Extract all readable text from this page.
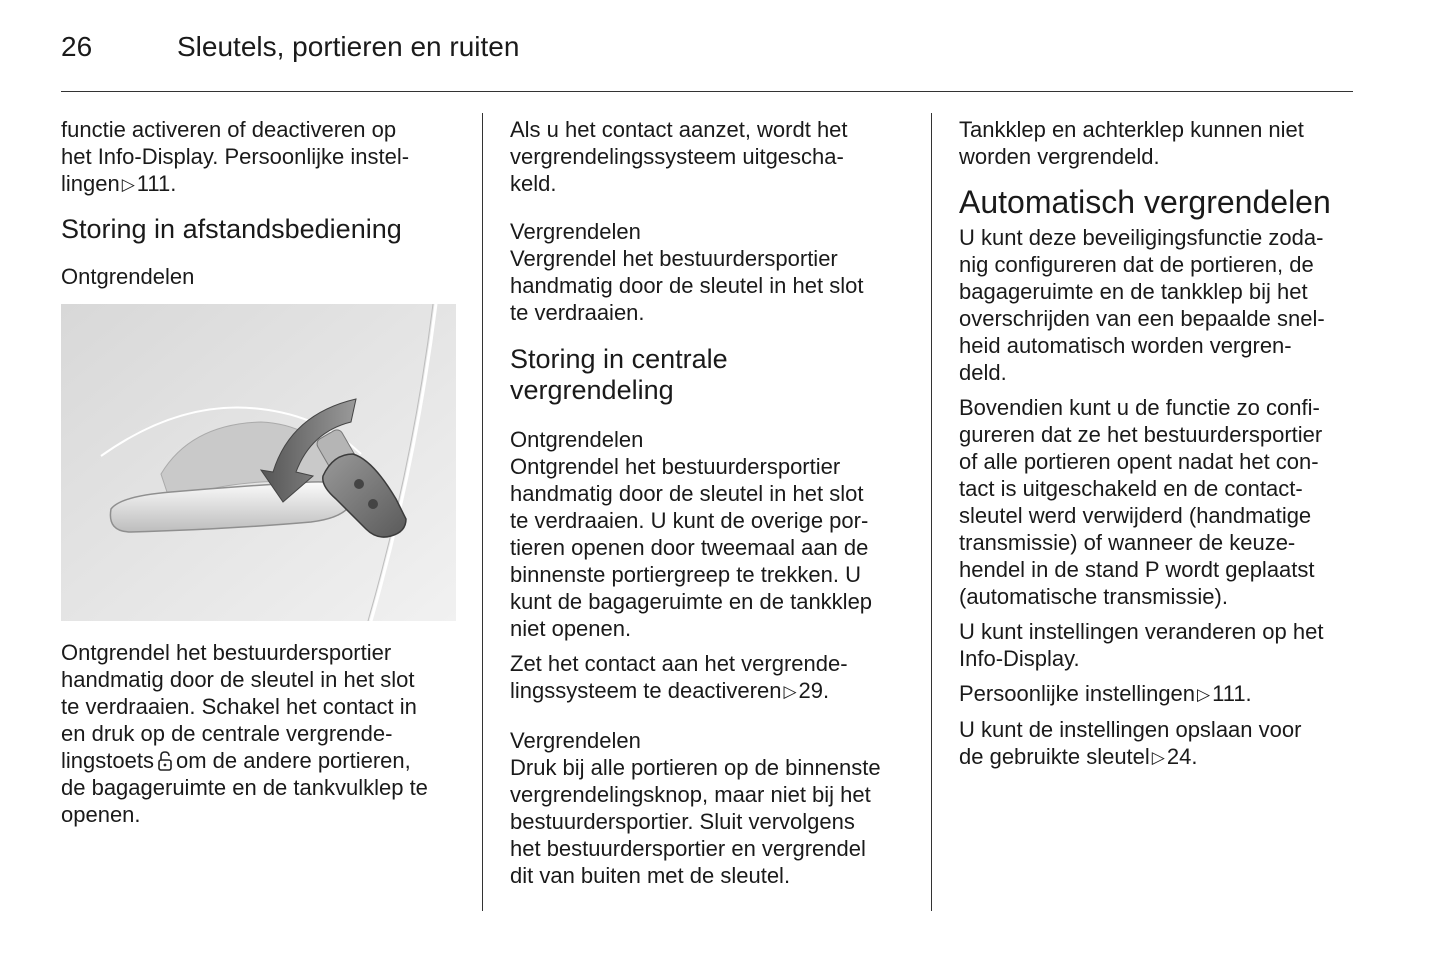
26	Sleutels, portieren en ruiten

functie activeren of deactiveren op
het Info-Display. Persoonlijke instel-
lingen ▷111.

Storing in afstandsbediening
Ontgrendelen

Ontgrendel het bestuurdersportier
handmatig door de sleutel in het slot
te verdraaien. Schakel het contact in
en druk op de centrale vergrende-
lingstoets om de andere portieren,
de bagageruimte en de tankvulklep te
openen.

Als u het contact aanzet, wordt het
vergrendelingssysteem uitgescha-
keld.

Vergrendelen

Vergrendel het bestuurdersportier
handmatig door de sleutel in het slot
te verdraaien.

Storing in centrale
vergrendeling
Ontgrendelen

Ontgrendel het bestuurdersportier
handmatig door de sleutel in het slot
te verdraaien. U kunt de overige por-
tieren openen door tweemaal aan de
binnenste portiergreep te trekken. U
kunt de bagageruimte en de tankklep
niet openen.

Zet het contact aan het vergrende-
lingssysteem te deactiveren ▷29.

Vergrendelen

Druk bij alle portieren op de binnenste
vergrendelingsknop, maar niet bij het
bestuurdersportier. Sluit vervolgens
het bestuurdersportier en vergrendel
dit van buiten met de sleutel.

Tankklep en achterklep kunnen niet
worden vergrendeld.

Automatisch vergrendelen

U kunt deze beveiligingsfunctie zoda-
nig configureren dat de portieren, de
bagageruimte en de tankklep bij het
overschrijden van een bepaalde snel-
heid automatisch worden vergren-
deld.

Bovendien kunt u de functie zo confi-
gureren dat ze het bestuurdersportier
of alle portieren opent nadat het con-
tact is uitgeschakeld en de contact-
sleutel werd verwijderd (handmatige
transmissie) of wanneer de keuze-
hendel in de stand P wordt geplaatst
(automatische transmissie).

U kunt instellingen veranderen op het
Info-Display.

Persoonlijke instellingen ▷111.

U kunt de instellingen opslaan voor
de gebruikte sleutel ▷24.
